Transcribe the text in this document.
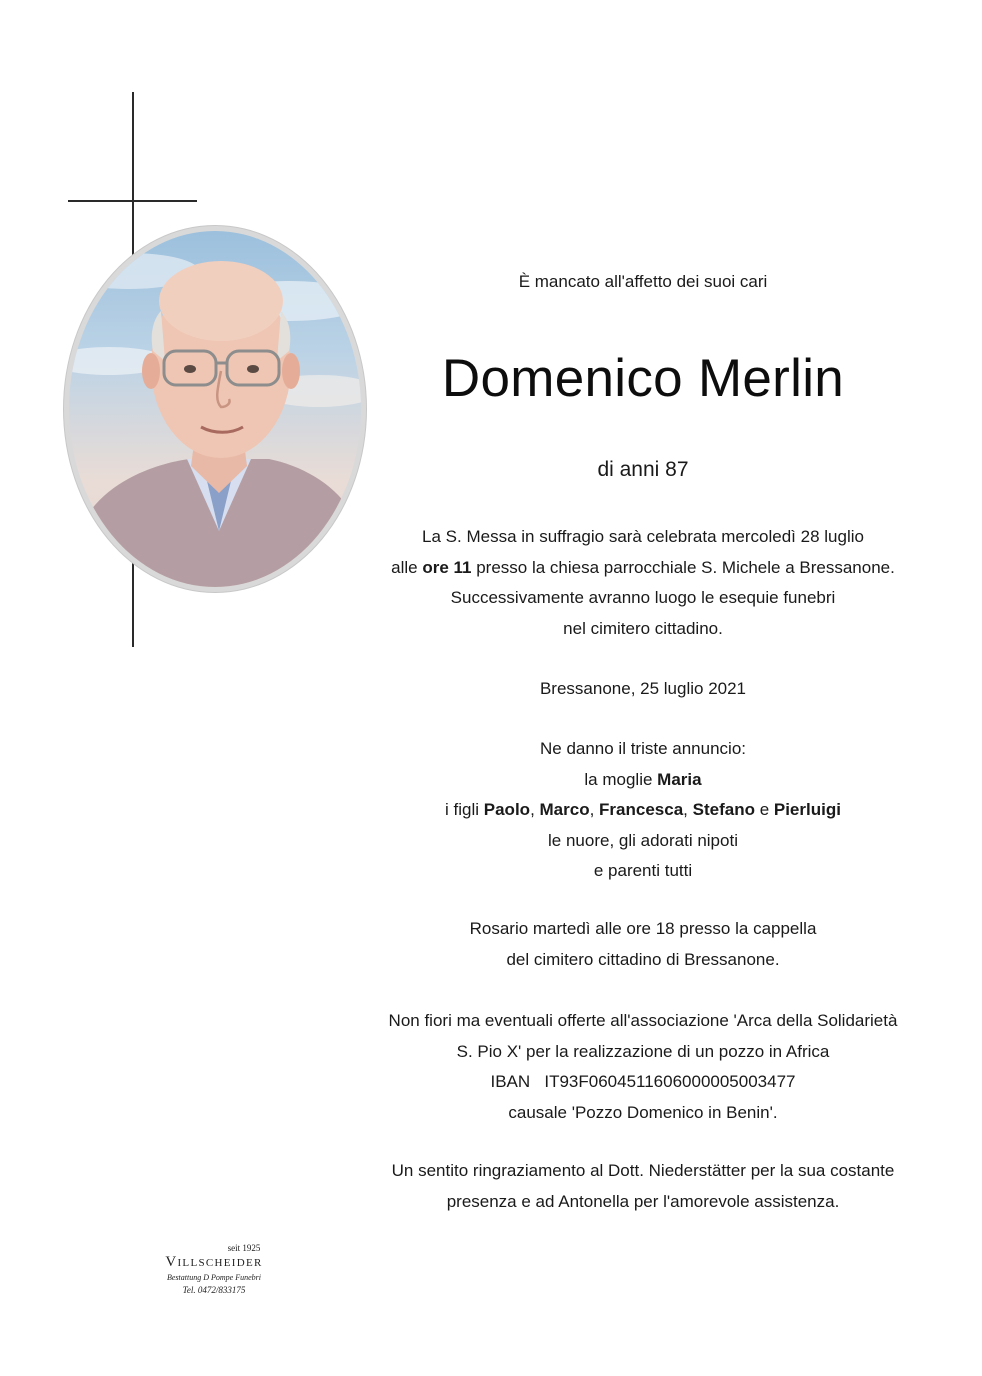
È mancato all'affetto dei suoi cari
Domenico Merlin
di anni 87
La S. Messa in suffragio sarà celebrata mercoledì 28 luglio
alle ore 11 presso la chiesa parrocchiale S. Michele a Bressanone.
Successivamente avranno luogo le esequie funebri
nel cimitero cittadino.
Bressanone, 25 luglio 2021
Ne danno il triste annuncio:
la moglie Maria
i figli Paolo, Marco, Francesca, Stefano e Pierluigi
le nuore, gli adorati nipoti
e parenti tutti
Rosario martedì alle ore 18 presso la cappella
del cimitero cittadino di Bressanone.
Non fiori ma eventuali offerte all'associazione 'Arca della Solidarietà
S. Pio X' per la realizzazione di un pozzo in Africa
IBAN   IT93F0604511606000005003477
causale 'Pozzo Domenico in Benin'.
Un sentito ringraziamento al Dott. Niederstätter per la sua costante
presenza e ad Antonella per l'amorevole assistenza.
seit 1925
Villscheider
Bestattung D Pompe Funebri
Tel. 0472/833175
